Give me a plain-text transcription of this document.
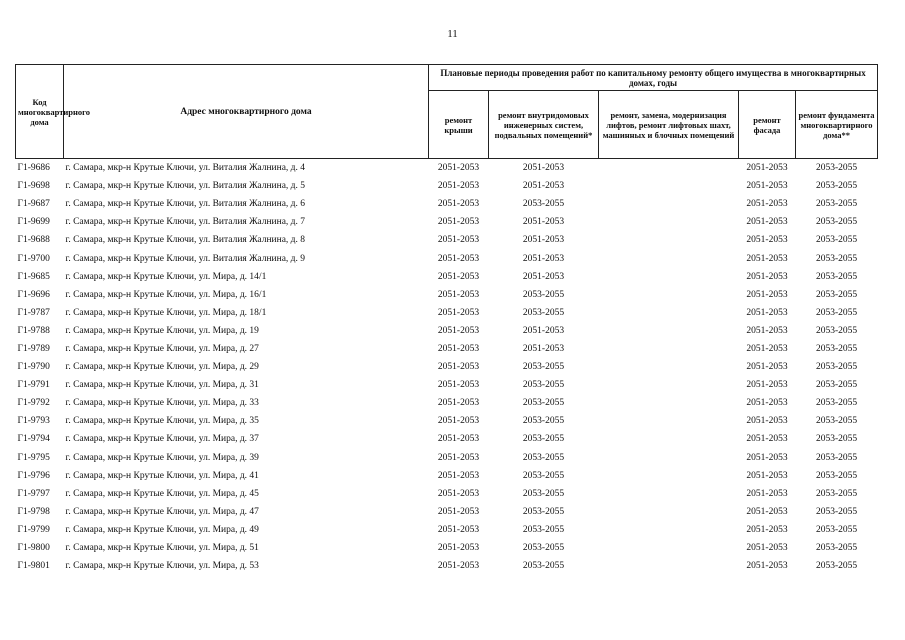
11
Код многоквартирного дома	Адрес многоквартирного дома	Плановые периоды проведения работ по капитальному ремонту общего имущества в многоквартирных домах, годы				
		ремонт крыши	ремонт внутридомовых инженерных систем, подвальных помещений*	ремонт, замена, модернизация лифтов, ремонт лифтовых шахт, машинных и блочных помещений	ремонт фасада	ремонт фундамента многоквартирного дома**
Г1-9686	г. Самара, мкр-н Крутые Ключи, ул. Виталия Жалнина, д. 4	2051-2053	2051-2053		2051-2053	2053-2055
Г1-9698	г. Самара, мкр-н Крутые Ключи, ул. Виталия Жалнина, д. 5	2051-2053	2051-2053		2051-2053	2053-2055
Г1-9687	г. Самара, мкр-н Крутые Ключи, ул. Виталия Жалнина, д. 6	2051-2053	2053-2055		2051-2053	2053-2055
Г1-9699	г. Самара, мкр-н Крутые Ключи, ул. Виталия Жалнина, д. 7	2051-2053	2051-2053		2051-2053	2053-2055
Г1-9688	г. Самара, мкр-н Крутые Ключи, ул. Виталия Жалнина, д. 8	2051-2053	2051-2053		2051-2053	2053-2055
Г1-9700	г. Самара, мкр-н Крутые Ключи, ул. Виталия Жалнина, д. 9	2051-2053	2051-2053		2051-2053	2053-2055
Г1-9685	г. Самара, мкр-н Крутые Ключи, ул. Мира, д. 14/1	2051-2053	2051-2053		2051-2053	2053-2055
Г1-9696	г. Самара, мкр-н Крутые Ключи, ул. Мира, д. 16/1	2051-2053	2053-2055		2051-2053	2053-2055
Г1-9787	г. Самара, мкр-н Крутые Ключи, ул. Мира, д. 18/1	2051-2053	2053-2055		2051-2053	2053-2055
Г1-9788	г. Самара, мкр-н Крутые Ключи, ул. Мира, д. 19	2051-2053	2051-2053		2051-2053	2053-2055
Г1-9789	г. Самара, мкр-н Крутые Ключи, ул. Мира, д. 27	2051-2053	2051-2053		2051-2053	2053-2055
Г1-9790	г. Самара, мкр-н Крутые Ключи, ул. Мира, д. 29	2051-2053	2053-2055		2051-2053	2053-2055
Г1-9791	г. Самара, мкр-н Крутые Ключи, ул. Мира, д. 31	2051-2053	2053-2055		2051-2053	2053-2055
Г1-9792	г. Самара, мкр-н Крутые Ключи, ул. Мира, д. 33	2051-2053	2053-2055		2051-2053	2053-2055
Г1-9793	г. Самара, мкр-н Крутые Ключи, ул. Мира, д. 35	2051-2053	2053-2055		2051-2053	2053-2055
Г1-9794	г. Самара, мкр-н Крутые Ключи, ул. Мира, д. 37	2051-2053	2053-2055		2051-2053	2053-2055
Г1-9795	г. Самара, мкр-н Крутые Ключи, ул. Мира, д. 39	2051-2053	2053-2055		2051-2053	2053-2055
Г1-9796	г. Самара, мкр-н Крутые Ключи, ул. Мира, д. 41	2051-2053	2053-2055		2051-2053	2053-2055
Г1-9797	г. Самара, мкр-н Крутые Ключи, ул. Мира, д. 45	2051-2053	2053-2055		2051-2053	2053-2055
Г1-9798	г. Самара, мкр-н Крутые Ключи, ул. Мира, д. 47	2051-2053	2053-2055		2051-2053	2053-2055
Г1-9799	г. Самара, мкр-н Крутые Ключи, ул. Мира, д. 49	2051-2053	2053-2055		2051-2053	2053-2055
Г1-9800	г. Самара, мкр-н Крутые Ключи, ул. Мира, д. 51	2051-2053	2053-2055		2051-2053	2053-2055
Г1-9801	г. Самара, мкр-н Крутые Ключи, ул. Мира, д. 53	2051-2053	2053-2055		2051-2053	2053-2055
